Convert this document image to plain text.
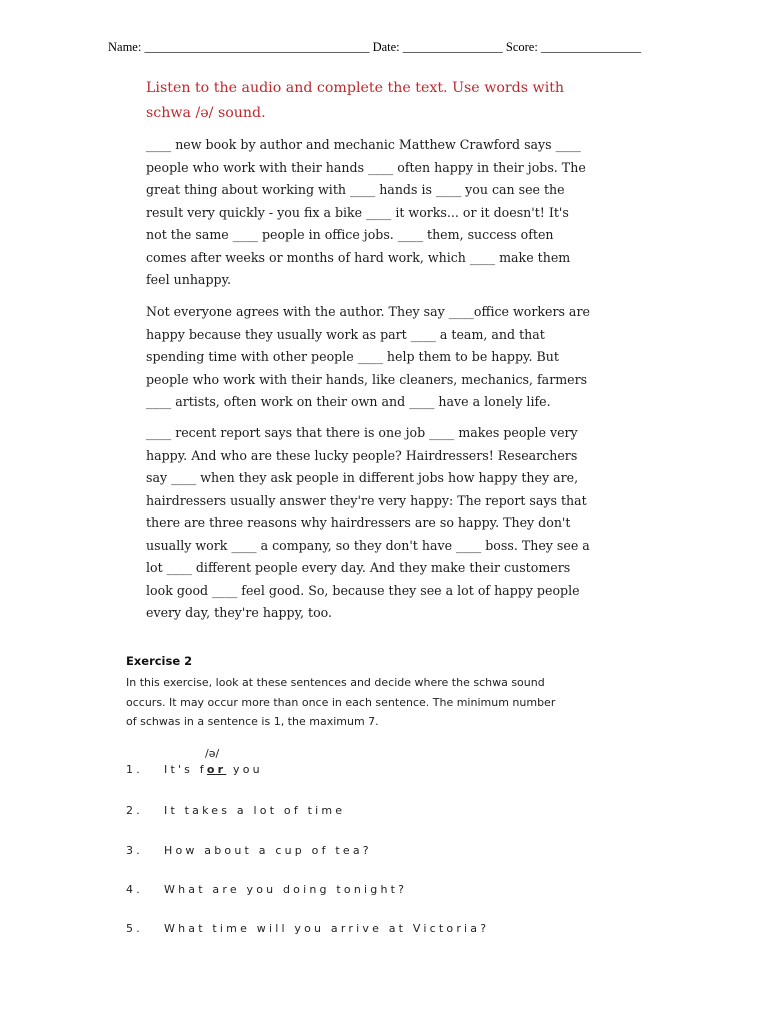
Name: ____________________________________ Date: ________________ Score: ________________
Listen to the audio and complete the text. Use words with
schwa /ə/ sound.
____ new book by author and mechanic Matthew Crawford says ____
people who work with their hands ____ often happy in their jobs. The
great thing about working with ____ hands is ____ you can see the
result very quickly - you fix a bike ____ it works... or it doesn't! It's
not the same ____ people in office jobs. ____ them, success often
comes after weeks or months of hard work, which ____ make them
feel unhappy.
Not everyone agrees with the author. They say ____office workers are
happy because they usually work as part ____ a team, and that
spending time with other people ____ help them to be happy. But
people who work with their hands, like cleaners, mechanics, farmers
____ artists, often work on their own and ____ have a lonely life.
____ recent report says that there is one job ____ makes people very
happy. And who are these lucky people? Hairdressers! Researchers
say ____ when they ask people in different jobs how happy they are,
hairdressers usually answer they're very happy: The report says that
there are three reasons why hairdressers are so happy. They don't
usually work ____ a company, so they don't have ____ boss. They see a
lot ____ different people every day. And they make their customers
look good ____ feel good. So, because they see a lot of happy people
every day, they're happy, too.
Exercise 2
In this exercise, look at these sentences and decide where the schwa sound
occurs. It may occur more than once in each sentence. The minimum number
of schwas in a sentence is 1, the maximum 7.
/ə/
1. It's for you
2. It takes a lot of time
3. How about a cup of tea?
4. What are you doing tonight?
5. What time will you arrive at Victoria?
